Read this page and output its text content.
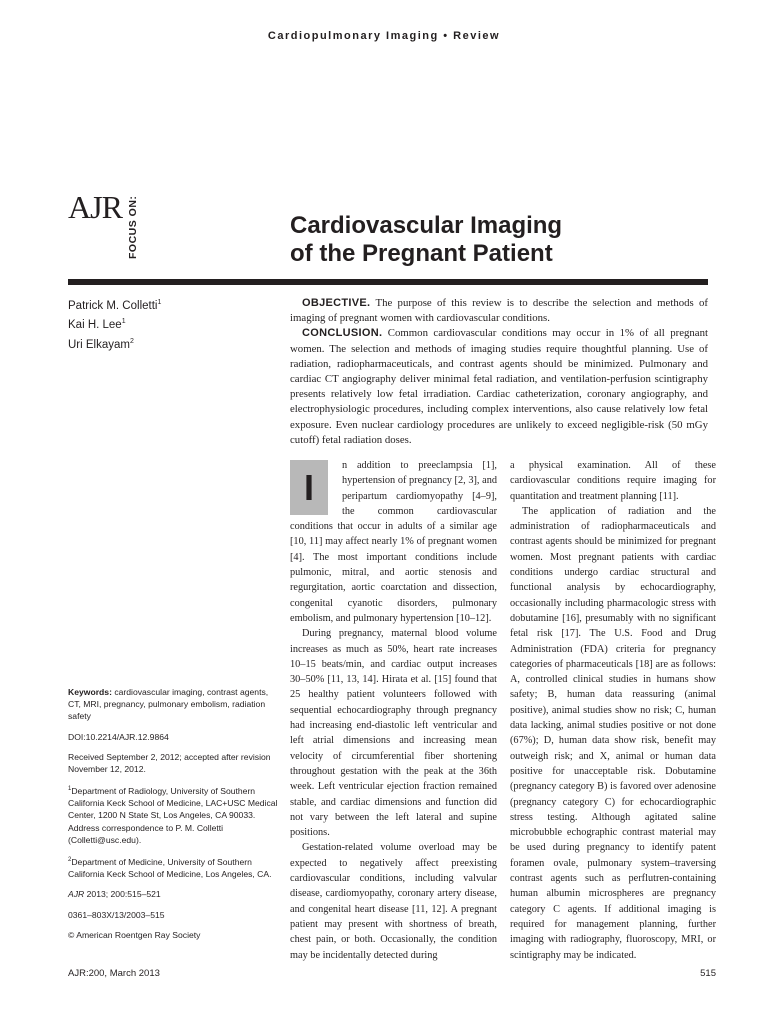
Cardiopulmonary Imaging • Review
AJR FOCUS ON:	Cardiovascular Imaging
of the Pregnant Patient
Patrick M. Colletti$^1$
Kai H. Lee$^1$
Uri Elkayam$^2$
OBJECTIVE. The purpose of this review is to describe the selection and methods of imaging of pregnant women with cardiovascular conditions.
CONCLUSION. Common cardiovascular conditions may occur in 1% of all pregnant women. The selection and methods of imaging studies require thoughtful planning. Use of radiation, radiopharmaceuticals, and contrast agents should be minimized. Pulmonary and cardiac CT angiography deliver minimal fetal radiation, and ventilation-perfusion scintigraphy presents relatively low fetal irradiation. Cardiac catheterization, coronary angiography, and electrophysiologic procedures, including complex interventions, also cause relatively low fetal exposure. Even nuclear cardiology procedures are unlikely to exceed negligible-risk (50 mGy cutoff) fetal radiation doses.

Keywords: cardiovascular imaging, contrast agents, CT, MRI, pregnancy, pulmonary embolism, radiation safety

DOI:10.2214/AJR.12.9864

Received September 2, 2012; accepted after revision November 12, 2012.

$^1$Department of Radiology, University of Southern California Keck School of Medicine, LAC+USC Medical Center, 1200 N State St, Los Angeles, CA 90033. Address correspondence to P. M. Colletti (Colletti@usc.edu).

$^2$Department of Medicine, University of Southern California Keck School of Medicine, Los Angeles, CA.

AJR 2013; 200:515–521

0361–803X/13/2003–515

© American Roentgen Ray Society

I
n addition to preeclampsia [1], hypertension of pregnancy [2, 3], and peripartum cardiomyopathy [4–9], the common cardiovascular conditions that occur in adults of a similar age [10, 11] may affect nearly 1% of pregnant women [4]. The most important conditions include pulmonic, mitral, and aortic stenosis and regurgitation, aortic coarctation and dissection, congenital cyanotic disorders, pulmonary embolism, and pulmonary hypertension [10–12].
During pregnancy, maternal blood volume increases as much as 50%, heart rate increases 10–15 beats/min, and cardiac output increases 30–50% [11, 13, 14]. Hirata et al. [15] found that 25 healthy patient volunteers followed with sequential echocardiography through pregnancy had increasing end-diastolic left ventricular and left atrial dimensions and increasing mean velocity of circumferential fiber shortening throughout gestation with the peak at the 36th week. Left ventricular ejection fraction remained stable, and cardiac dimensions and function did not vary between the left lateral and supine positions.
Gestation-related volume overload may be expected to negatively affect preexisting cardiovascular conditions, including valvular disease, cardiomyopathy, coronary artery disease, and congenital heart disease [11, 12]. A pregnant patient may present with shortness of breath, chest pain, or both. Occasionally, the condition may be incidentally detected during
a physical examination. All of these cardiovascular conditions require imaging for quantitation and treatment planning [11].
The application of radiation and the administration of radiopharmaceuticals and contrast agents should be minimized for pregnant women. Most pregnant patients with cardiac conditions undergo cardiac structural and functional analysis by echocardiography, occasionally including pharmacologic stress with dobutamine [16], presumably with no significant fetal risk [17]. The U.S. Food and Drug Administration (FDA) criteria for pregnancy categories of pharmaceuticals [18] are as follows: A, controlled clinical studies in humans show safety; B, human data reassuring (animal positive), animal studies show no risk; C, human data lacking, animal studies positive or not done (67%); D, human data show risk, benefit may outweigh risk; and X, animal or human data positive for unacceptable risk. Dobutamine (pregnancy category B) is favored over adenosine (pregnancy category C) for echocardiographic stress testing. Although agitated saline microbubble echographic contrast material may be used during pregnancy to identify patent foramen ovale, pulmonary system–traversing contrast agents such as perflutren-containing human albumin microspheres are pregnancy category C agents. If additional imaging is required for management planning, further imaging with radiography, fluoroscopy, MRI, or scintigraphy may be indicated.
AJR:200, March 2013	515
